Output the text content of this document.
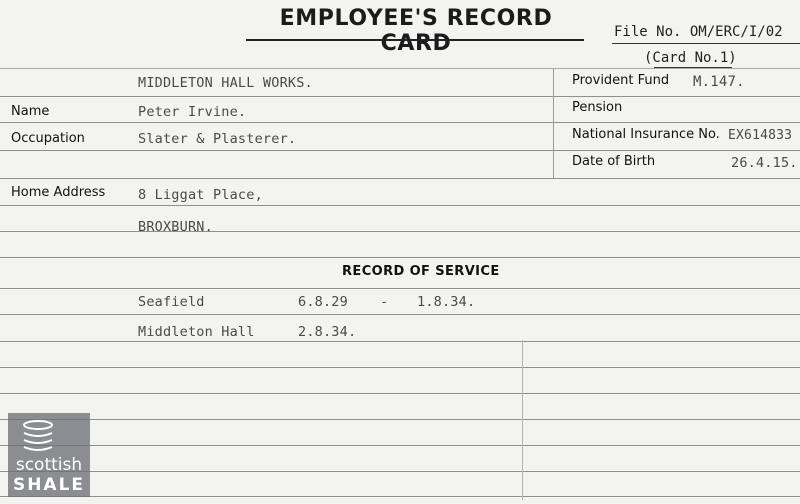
EMPLOYEE'S RECORD CARD	File No. OM/ERC/I/02
(Card No.1)
MIDDLETON HALL WORKS.
Name	Peter Irvine.
Occupation	Slater & Plasterer.
Home Address 8 Liggat Place,
BROXBURN.
Provident Fund M.147.
Pension
National Insurance No. EX614833
Date of Birth	26.4.15.
RECORD OF SERVICE
Seafield	6.8.29 - 1.8.34.
Middleton Hall	2.8.34.
scottish
SHALE
